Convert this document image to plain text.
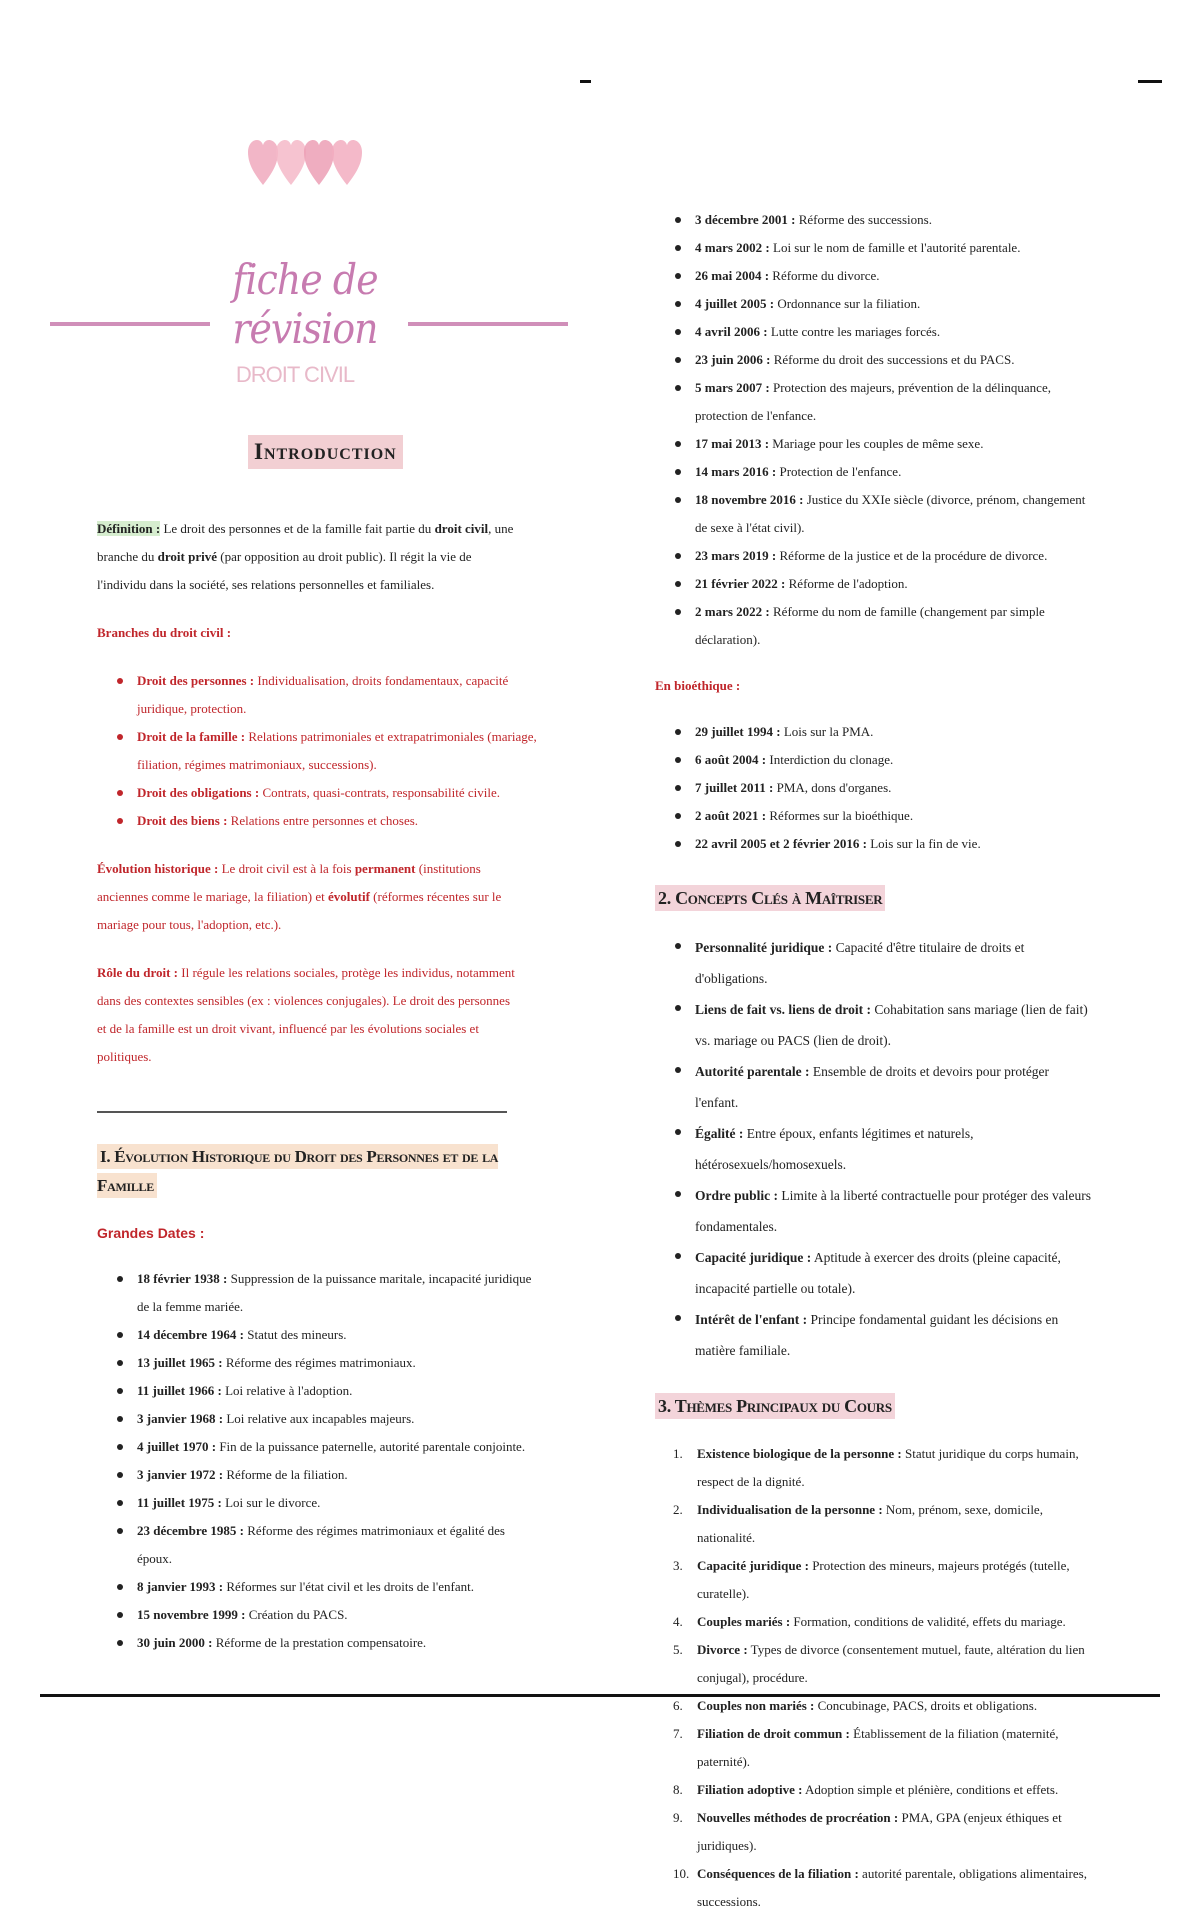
fiche de révision
DROIT CIVIL
Introduction
Définition : Le droit des personnes et de la famille fait partie du droit civil, une branche du droit privé (par opposition au droit public). Il régit la vie de l'individu dans la société, ses relations personnelles et familiales.
Branches du droit civil :
Droit des personnes : Individualisation, droits fondamentaux, capacité juridique, protection.
Droit de la famille : Relations patrimoniales et extrapatrimoniales (mariage, filiation, régimes matrimoniaux, successions).
Droit des obligations : Contrats, quasi-contrats, responsabilité civile.
Droit des biens : Relations entre personnes et choses.
Évolution historique : Le droit civil est à la fois permanent (institutions anciennes comme le mariage, la filiation) et évolutif (réformes récentes sur le mariage pour tous, l'adoption, etc.).
Rôle du droit : Il régule les relations sociales, protège les individus, notamment dans des contextes sensibles (ex : violences conjugales). Le droit des personnes et de la famille est un droit vivant, influencé par les évolutions sociales et politiques.
I. Évolution Historique du Droit des Personnes et de la Famille
Grandes Dates :
18 février 1938 : Suppression de la puissance maritale, incapacité juridique de la femme mariée.
14 décembre 1964 : Statut des mineurs.
13 juillet 1965 : Réforme des régimes matrimoniaux.
11 juillet 1966 : Loi relative à l'adoption.
3 janvier 1968 : Loi relative aux incapables majeurs.
4 juillet 1970 : Fin de la puissance paternelle, autorité parentale conjointe.
3 janvier 1972 : Réforme de la filiation.
11 juillet 1975 : Loi sur le divorce.
23 décembre 1985 : Réforme des régimes matrimoniaux et égalité des époux.
8 janvier 1993 : Réformes sur l'état civil et les droits de l'enfant.
15 novembre 1999 : Création du PACS.
30 juin 2000 : Réforme de la prestation compensatoire.
3 décembre 2001 : Réforme des successions.
4 mars 2002 : Loi sur le nom de famille et l'autorité parentale.
26 mai 2004 : Réforme du divorce.
4 juillet 2005 : Ordonnance sur la filiation.
4 avril 2006 : Lutte contre les mariages forcés.
23 juin 2006 : Réforme du droit des successions et du PACS.
5 mars 2007 : Protection des majeurs, prévention de la délinquance, protection de l'enfance.
17 mai 2013 : Mariage pour les couples de même sexe.
14 mars 2016 : Protection de l'enfance.
18 novembre 2016 : Justice du XXIe siècle (divorce, prénom, changement de sexe à l'état civil).
23 mars 2019 : Réforme de la justice et de la procédure de divorce.
21 février 2022 : Réforme de l'adoption.
2 mars 2022 : Réforme du nom de famille (changement par simple déclaration).
En bioéthique :
29 juillet 1994 : Lois sur la PMA.
6 août 2004 : Interdiction du clonage.
7 juillet 2011 : PMA, dons d'organes.
2 août 2021 : Réformes sur la bioéthique.
22 avril 2005 et 2 février 2016 : Lois sur la fin de vie.
2. Concepts Clés à Maîtriser
Personnalité juridique : Capacité d'être titulaire de droits et d'obligations.
Liens de fait vs. liens de droit : Cohabitation sans mariage (lien de fait) vs. mariage ou PACS (lien de droit).
Autorité parentale : Ensemble de droits et devoirs pour protéger l'enfant.
Égalité : Entre époux, enfants légitimes et naturels, hétérosexuels/homosexuels.
Ordre public : Limite à la liberté contractuelle pour protéger des valeurs fondamentales.
Capacité juridique : Aptitude à exercer des droits (pleine capacité, incapacité partielle ou totale).
Intérêt de l'enfant : Principe fondamental guidant les décisions en matière familiale.
3. Thèmes Principaux du Cours
1. Existence biologique de la personne : Statut juridique du corps humain, respect de la dignité.
2. Individualisation de la personne : Nom, prénom, sexe, domicile, nationalité.
3. Capacité juridique : Protection des mineurs, majeurs protégés (tutelle, curatelle).
4. Couples mariés : Formation, conditions de validité, effets du mariage.
5. Divorce : Types de divorce (consentement mutuel, faute, altération du lien conjugal), procédure.
6. Couples non mariés : Concubinage, PACS, droits et obligations.
7. Filiation de droit commun : Établissement de la filiation (maternité, paternité).
8. Filiation adoptive : Adoption simple et plénière, conditions et effets.
9. Nouvelles méthodes de procréation : PMA, GPA (enjeux éthiques et juridiques).
10. Conséquences de la filiation : autorité parentale, obligations alimentaires, successions.
